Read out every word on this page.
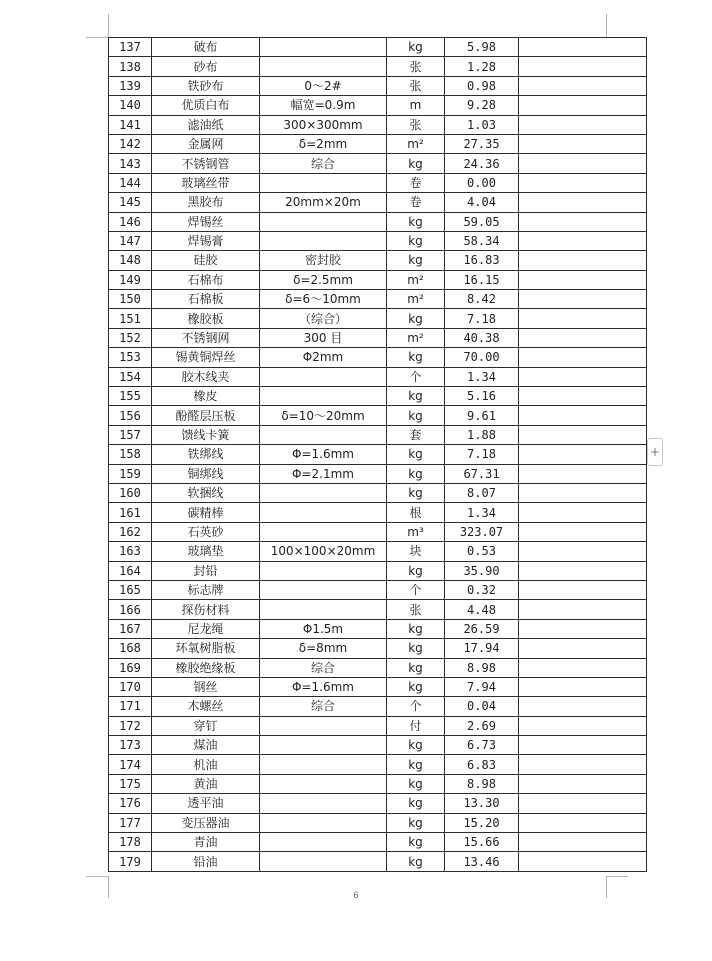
137	破布		kg	5.98	
138	砂布		张	1.28	
139	铁砂布	0～2#	张	0.98	
140	优质白布	幅宽=0.9m	m	9.28	
141	滤油纸	300×300mm	张	1.03	
142	金属网	δ=2mm	m²	27.35	
143	不锈钢管	综合	kg	24.36	
144	玻璃丝带		卷	0.00	
145	黑胶布	20mm×20m	卷	4.04	
146	焊锡丝		kg	59.05	
147	焊锡膏		kg	58.34	
148	硅胶	密封胶	kg	16.83	
149	石棉布	δ=2.5mm	m²	16.15	
150	石棉板	δ=6～10mm	m²	8.42	
151	橡胶板	（综合）	kg	7.18	
152	不锈钢网	300 目	m²	40.38	
153	锡黄铜焊丝	Φ2mm	kg	70.00	
154	胶木线夹		个	1.34	
155	橡皮		kg	5.16	
156	酚醛层压板	δ=10～20mm	kg	9.61	
157	馈线卡簧		套	1.88	
158	铁绑线	Φ=1.6mm	kg	7.18	
159	铜绑线	Φ=2.1mm	kg	67.31	
160	软捆线		kg	8.07	
161	碳精棒		根	1.34	
162	石英砂		m³	323.07	
163	玻璃垫	100×100×20mm	块	0.53	
164	封铅		kg	35.90	
165	标志牌		个	0.32	
166	探伤材料		张	4.48	
167	尼龙绳	Φ1.5m	kg	26.59	
168	环氧树脂板	δ=8mm	kg	17.94	
169	橡胶绝缘板	综合	kg	8.98	
170	钢丝	Φ=1.6mm	kg	7.94	
171	木螺丝	综合	个	0.04	
172	穿钉		付	2.69	
173	煤油		kg	6.73	
174	机油		kg	6.83	
175	黄油		kg	8.98	
176	透平油		kg	13.30	
177	变压器油		kg	15.20	
178	青油		kg	15.66	
179	铅油		kg	13.46	
+
6
